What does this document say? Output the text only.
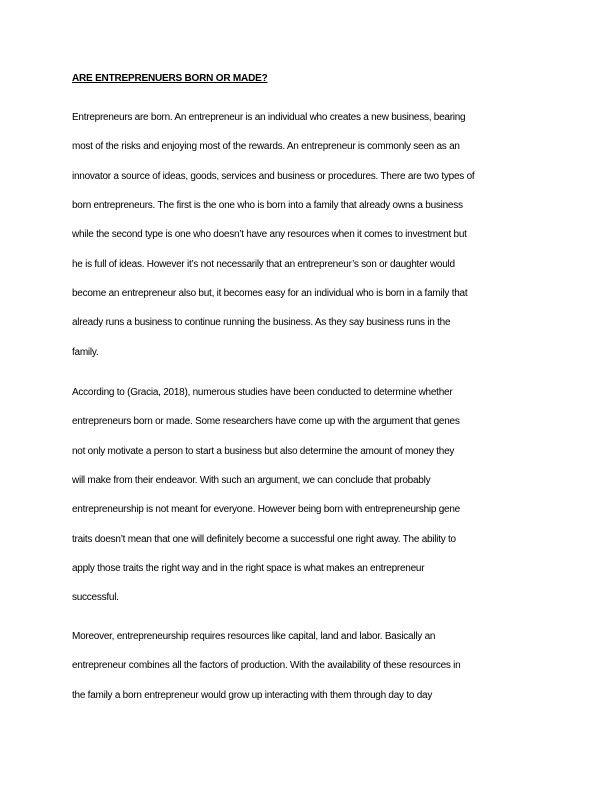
ARE ENTREPRENUERS BORN OR MADE?
Entrepreneurs are born. An entrepreneur is an individual who creates a new business, bearing
most of the risks and enjoying most of the rewards. An entrepreneur is commonly seen as an
innovator a source of ideas, goods, services and business or procedures. There are two types of
born entrepreneurs. The first is the one who is born into a family that already owns a business
while the second type is one who doesn’t have any resources when it comes to investment but
he is full of ideas. However it’s not necessarily that an entrepreneur’s son or daughter would
become an entrepreneur also but, it becomes easy for an individual who is born in a family that
already runs a business to continue running the business. As they say business runs in the
family.
According to (Gracia, 2018), numerous studies have been conducted to determine whether
entrepreneurs born or made. Some researchers have come up with the argument that genes
not only motivate a person to start a business but also determine the amount of money they
will make from their endeavor. With such an argument, we can conclude that probably
entrepreneurship is not meant for everyone. However being born with entrepreneurship gene
traits doesn’t mean that one will definitely become a successful one right away. The ability to
apply those traits the right way and in the right space is what makes an entrepreneur
successful.
Moreover, entrepreneurship requires resources like capital, land and labor. Basically an
entrepreneur combines all the factors of production. With the availability of these resources in
the family a born entrepreneur would grow up interacting with them through day to day
